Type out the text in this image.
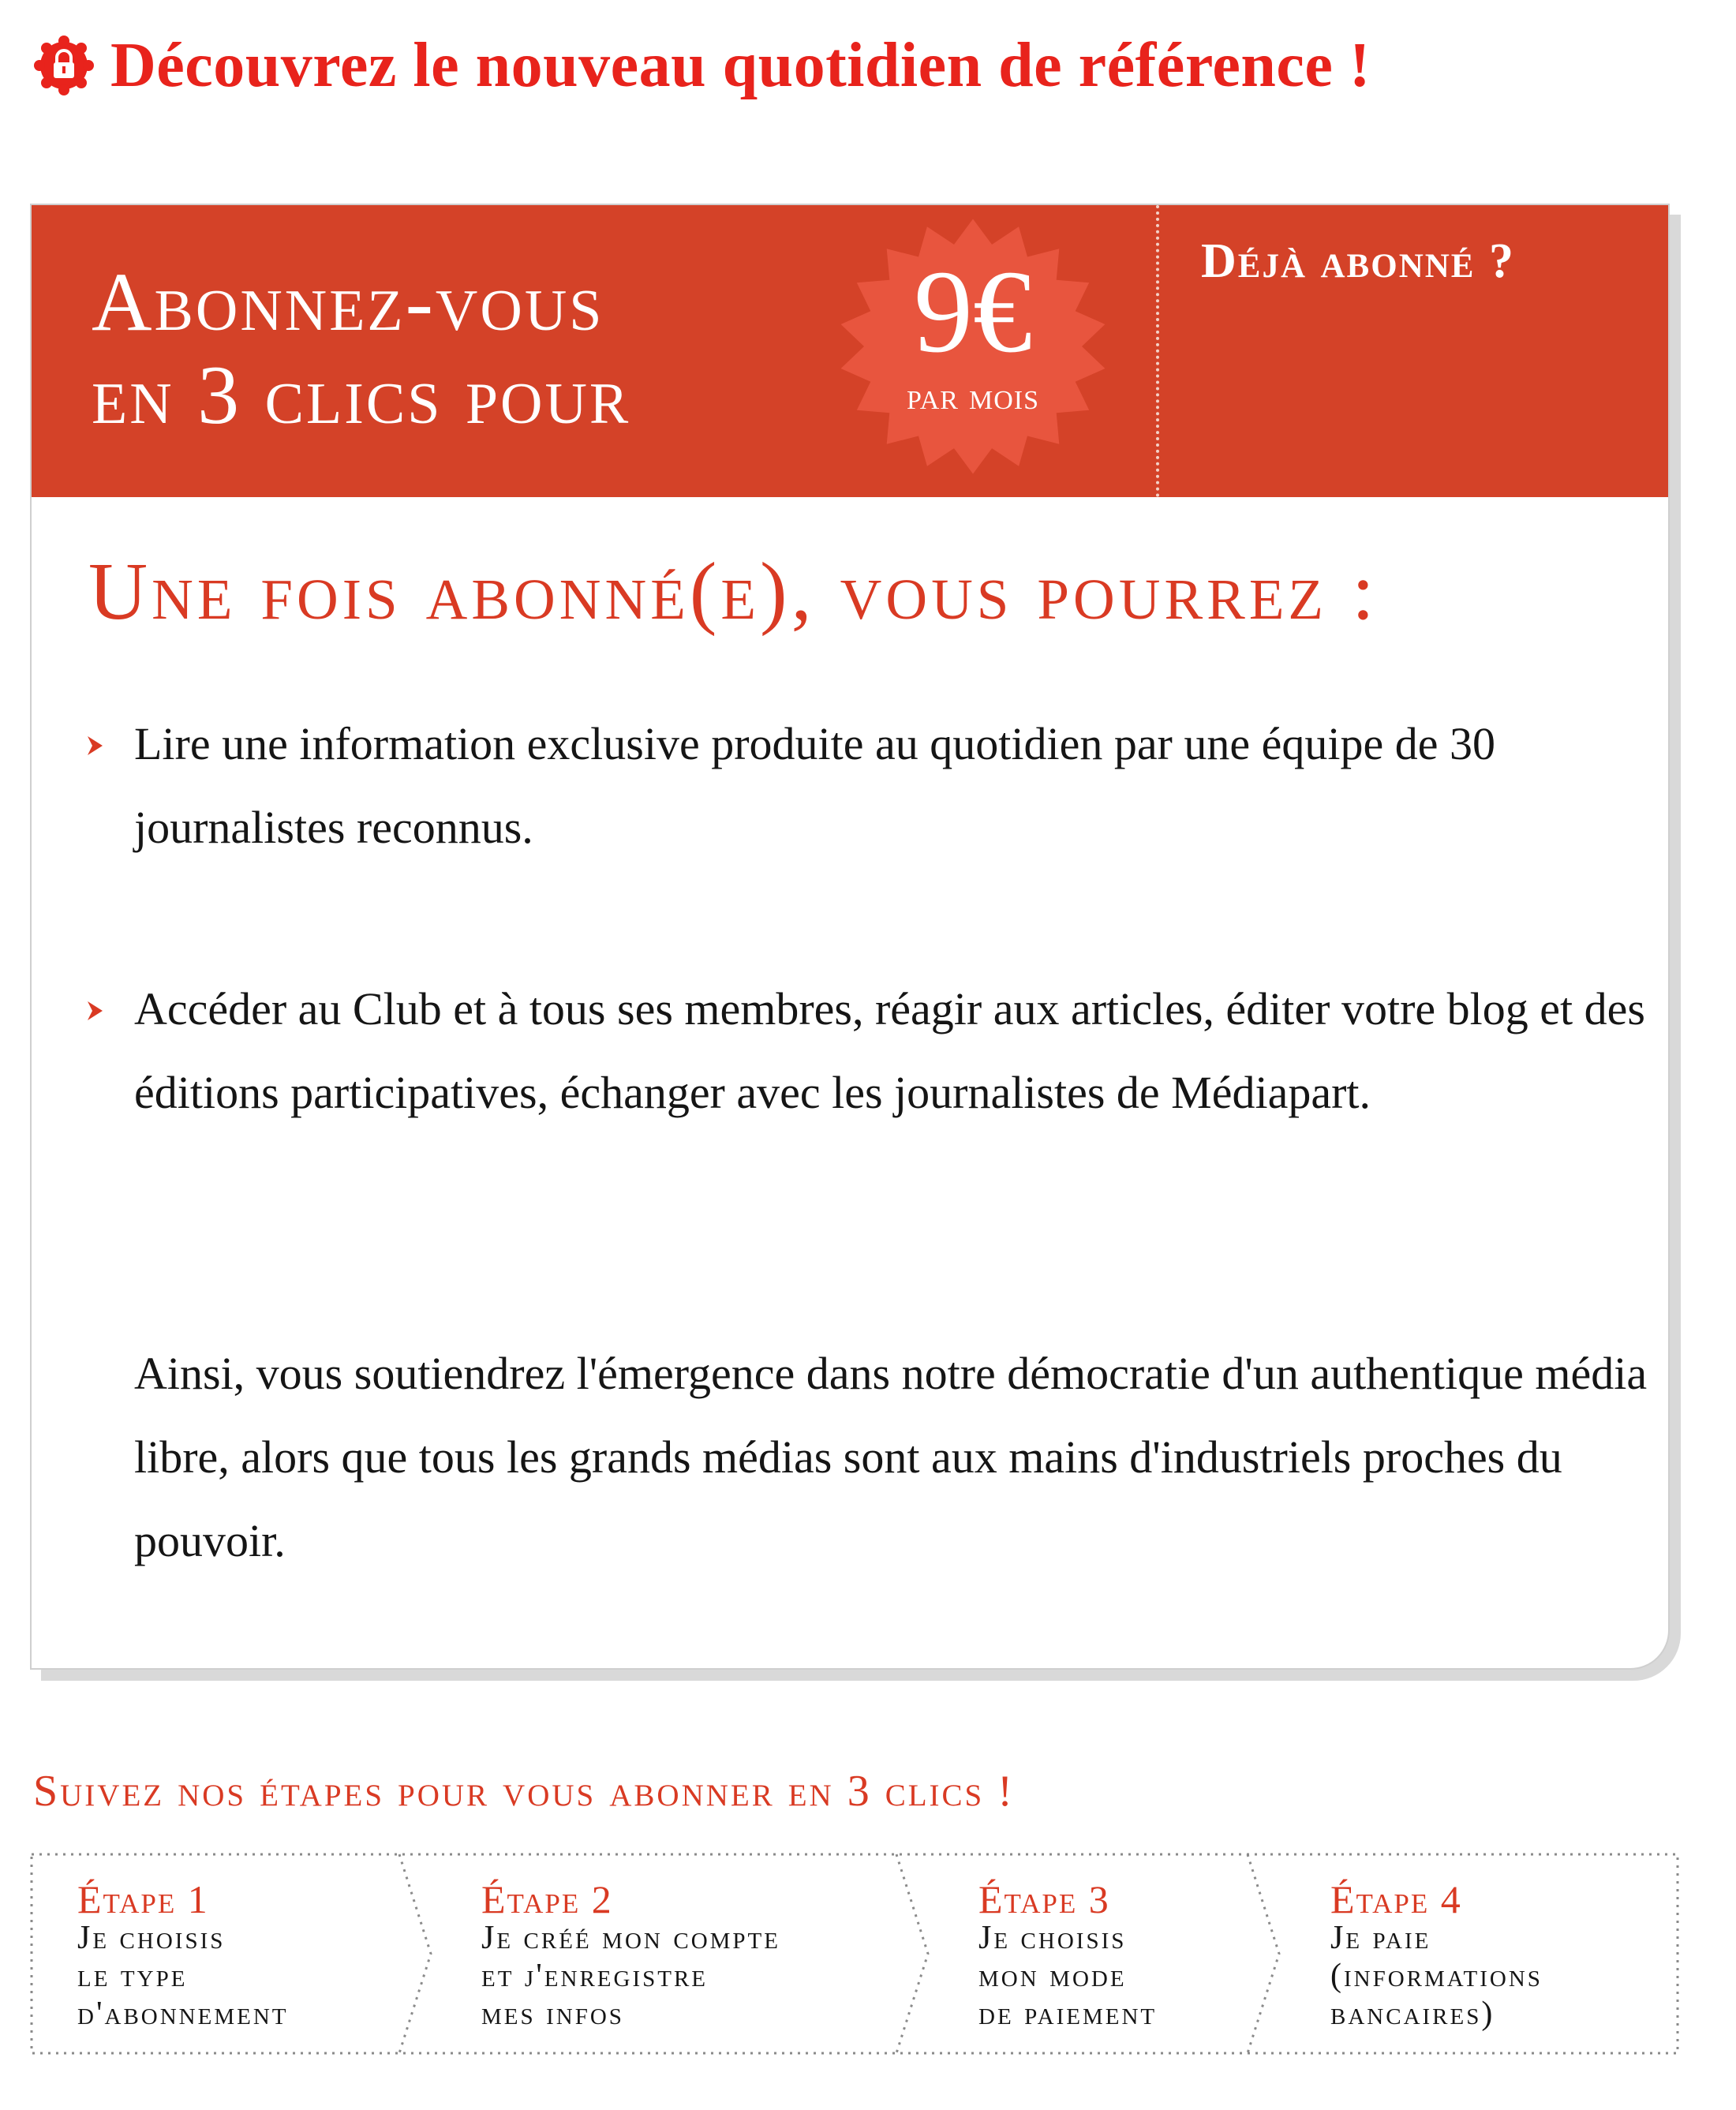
Découvrez le nouveau quotidien de référence !
Abonnez-vous
en 3 clics pour
9€
par mois
Déjà abonné ?
Une fois abonné(e), vous pourrez :
Lire une information exclusive produite au quotidien par une équipe de 30 journalistes reconnus.
Accéder au Club et à tous ses membres, réagir aux articles, éditer votre blog et des éditions participatives, échanger avec les journalistes de Médiapart.
Ainsi, vous soutiendrez l'émergence dans notre démocratie d'un authentique média libre, alors que tous les grands médias sont aux mains d'industriels proches du pouvoir.
Suivez nos étapes pour vous abonner en 3 clics !
Étape 1
Je choisis
le type
d'abonnement
Étape 2
Je créé mon compte
et j'enregistre
mes infos
Étape 3
Je choisis
mon mode
de paiement
Étape 4
Je paie
(informations
bancaires)
